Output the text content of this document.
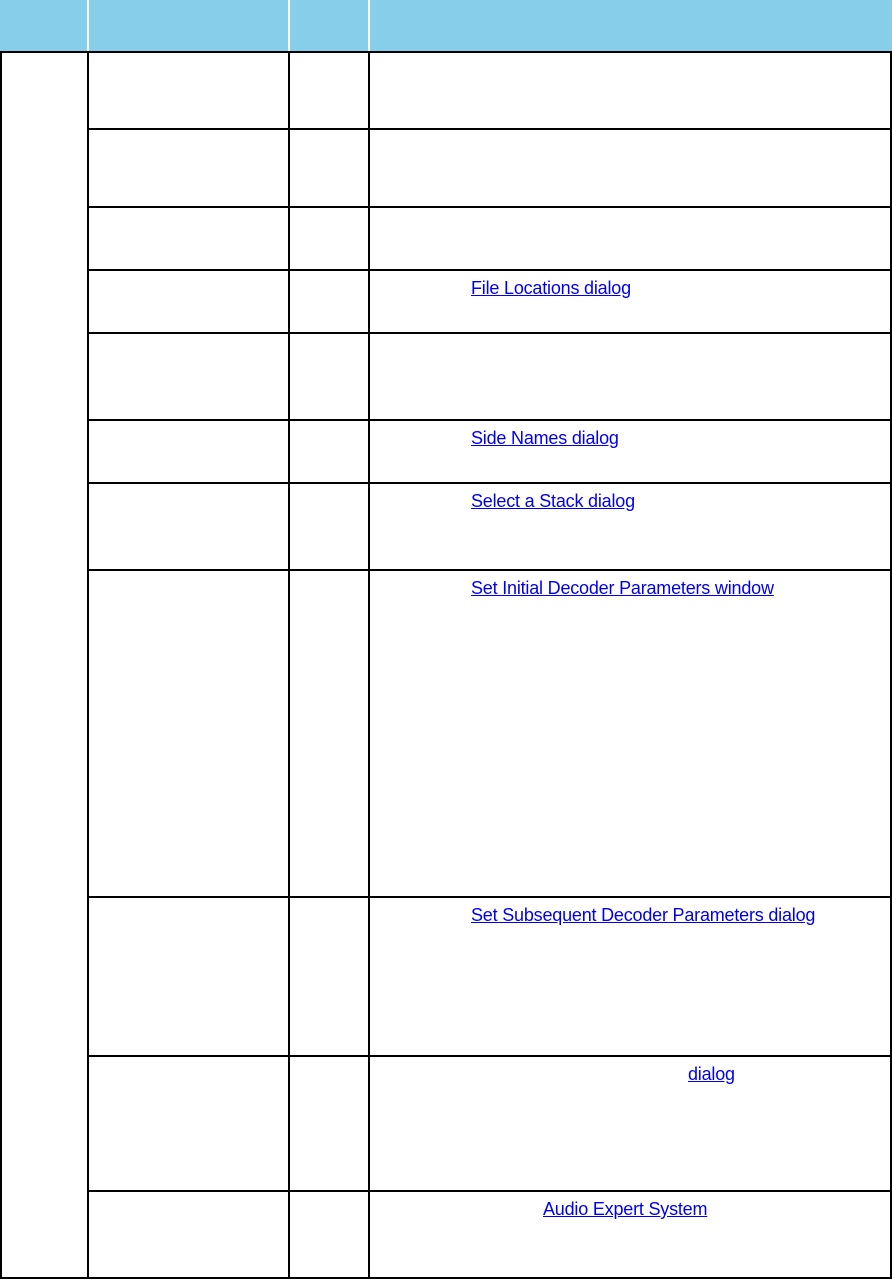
File Locations dialog
Side Names dialog
Select a Stack dialog
Set Initial Decoder Parameters window
Set Subsequent Decoder Parameters dialog
dialog
Audio Expert System
